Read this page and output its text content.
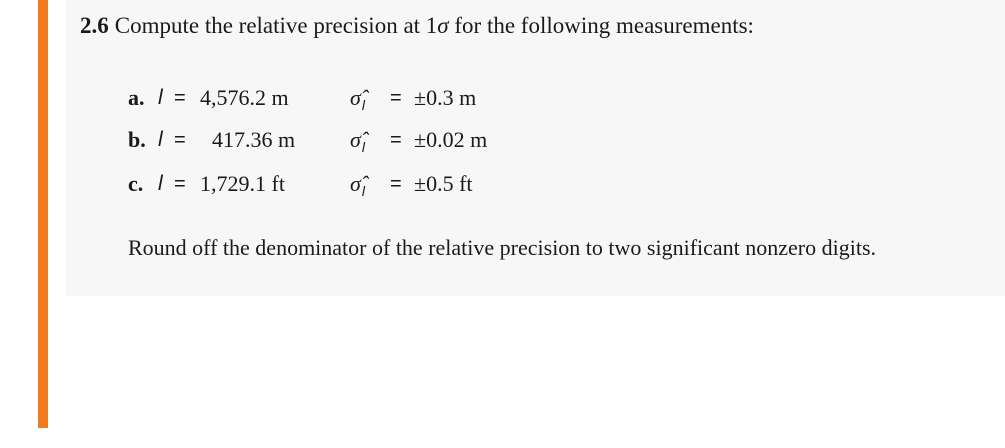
2.6 Compute the relative precision at 1σ for the following measurements:
a. l = 4,576.2 m	$\sigmâ_l = \pm 0.3$ m
b. l = 417.36 m $\sigmâ_l = \pm 0.02$ m
c. l = 1,729.1 ft	$\sigmâ_l = \pm 0.5$ ft
Round off the denominator of the relative precision to two significant nonzero digits.
